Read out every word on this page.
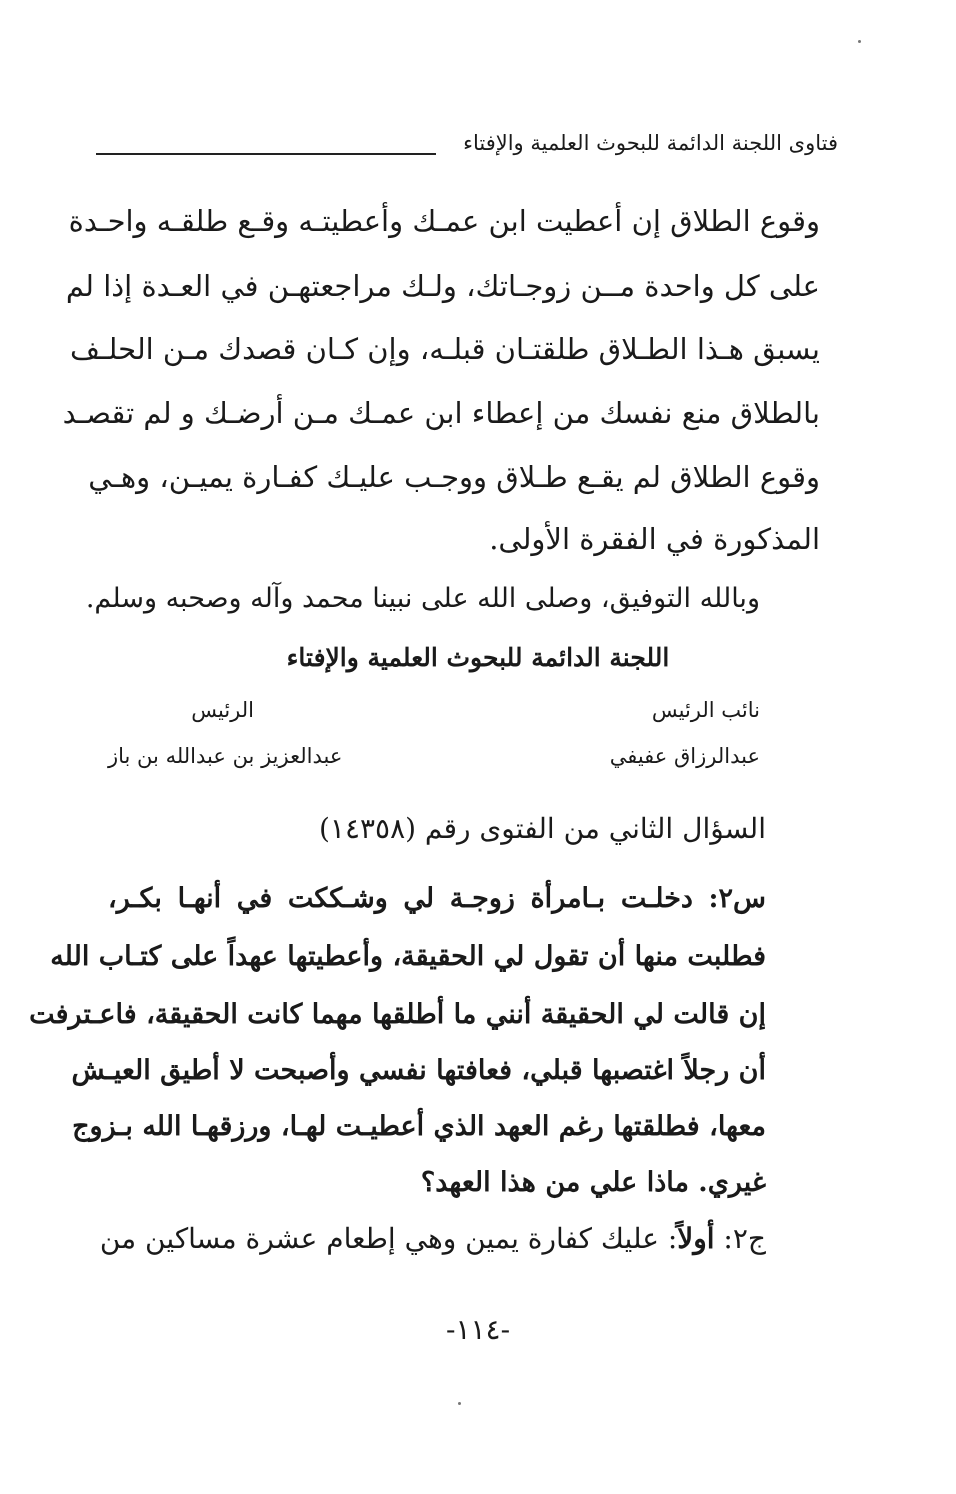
فتاوى اللجنة الدائمة للبحوث العلمية والإفتاء
وقوع الطلاق إن أعطيت ابن عمـك وأعطيتـه وقـع طلقـه واحـدة
على كل واحدة مــن زوجـاتك، ولـك مراجعتهـن في العـدة إذا لم
يسبق هـذا الطـلاق طلقتـان قبلـه، وإن كـان قصدك مـن الحلـف
بالطلاق منع نفسك من إعطاء ابن عمـك مـن أرضـك و لم تقصـد
وقوع الطلاق لم يقـع طـلاق ووجـب عليـك كفـارة يميـن، وهـي
المذكورة في الفقرة الأولى.
وبالله التوفيق، وصلى الله على نبينا محمد وآله وصحبه وسلم.
اللجنة الدائمة للبحوث العلمية والإفتاء
نائب الرئيس
عبدالرزاق عفيفي
الرئيس
عبدالعزيز بن عبدالله بن باز
السؤال الثاني من الفتوى رقم (١٤٣٥٨)
س٢: دخلـت بـامرأة زوجـة لي وشـككت في أنهـا بكـر،
فطلبت منها أن تقول لي الحقيقة، وأعطيتها عهداً على كتـاب الله
إن قالت لي الحقيقة أنني ما أطلقها مهما كانت الحقيقة، فاعـترفت
أن رجلاً اغتصبها قبلي، فعافتها نفسي وأصبحت لا أطيق العيـش
معها، فطلقتها رغم العهد الذي أعطيـت لهـا، ورزقهـا الله بـزوج
غيري. ماذا علي من هذا العهد؟
ج٢: أولاً: عليك كفارة يمين وهي إطعام عشرة مساكين من
-١١٤-
